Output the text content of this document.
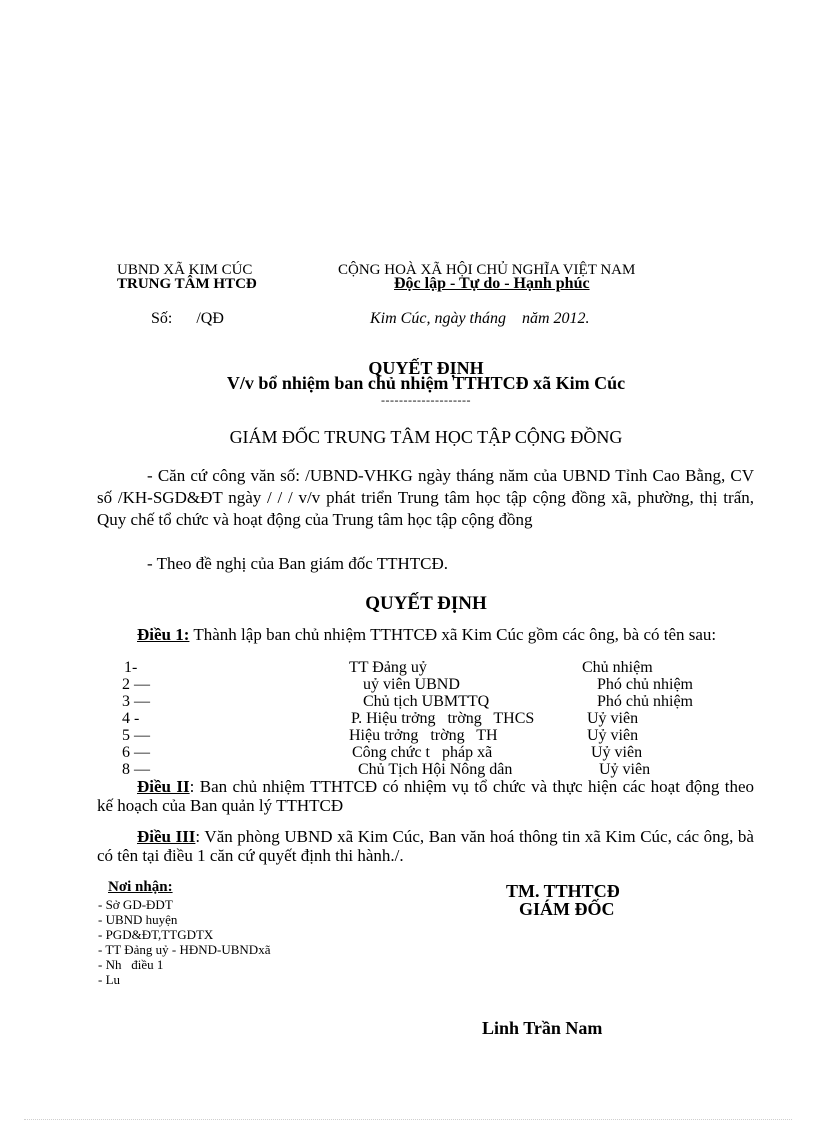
UBND XÃ KIM CÚC
TRUNG TÂM HTCĐ
CỘNG HOÀ XÃ HỘI CHỦ NGHĨA VIỆT NAM
Độc lập - Tự do - Hạnh phúc
Số:      /QĐ	Kim Cúc, ngày tháng    năm 2012.
QUYẾT ĐỊNH
V/v bổ nhiệm ban chủ nhiệm TTHTCĐ xã Kim Cúc
--------------------
GIÁM ĐỐC TRUNG TÂM HỌC TẬP CỘNG ĐỒNG
- Căn cứ công văn số: /UBND-VHKG ngày tháng năm của UBND Tỉnh Cao Bằng, CV số /KH-SGD&ĐT ngày / / / v/v phát triển Trung tâm học tập cộng đồng xã, phường, thị trấn, Quy chế tổ chức và hoạt động của Trung tâm học tập cộng đồng
- Theo đề nghị của Ban giám đốc TTHTCĐ.
QUYẾT ĐỊNH
Điều 1: Thành lập ban chủ nhiệm TTHTCĐ xã Kim Cúc gồm các ông, bà có tên sau:
1-	TT Đảng uỷ	Chủ nhiệm
2 —	uỷ viên UBND	Phó chủ nhiệm
3 —	Chủ tịch UBMTTQ	Phó chủ nhiệm
4 -	P. Hiệu trởng   trờng   THCS	Uỷ viên
5 —	Hiệu trởng   trờng   TH	Uỷ viên
6 —	Công chức t   pháp xã	Uỷ viên
8 —	Chủ Tịch Hội Nông dân	Uỷ viên
Điều II: Ban chủ nhiệm TTHTCĐ có nhiệm vụ tổ chức và thực hiện các hoạt động theo kế hoạch của Ban quản lý TTHTCĐ
Điều III: Văn phòng UBND xã Kim Cúc, Ban văn hoá thông tin xã Kim Cúc, các ông, bà có tên tại điều 1 căn cứ quyết định thi hành./.
Nơi nhận:
- Sở GD-ĐDT
- UBND huyện
- PGD&ĐT,TTGDTX
- TT Đảng uỷ - HĐND-UBNDxã
- Nh   điều 1
- Lu
TM. TTHTCĐ
GIÁM ĐỐC
Linh Trần Nam
